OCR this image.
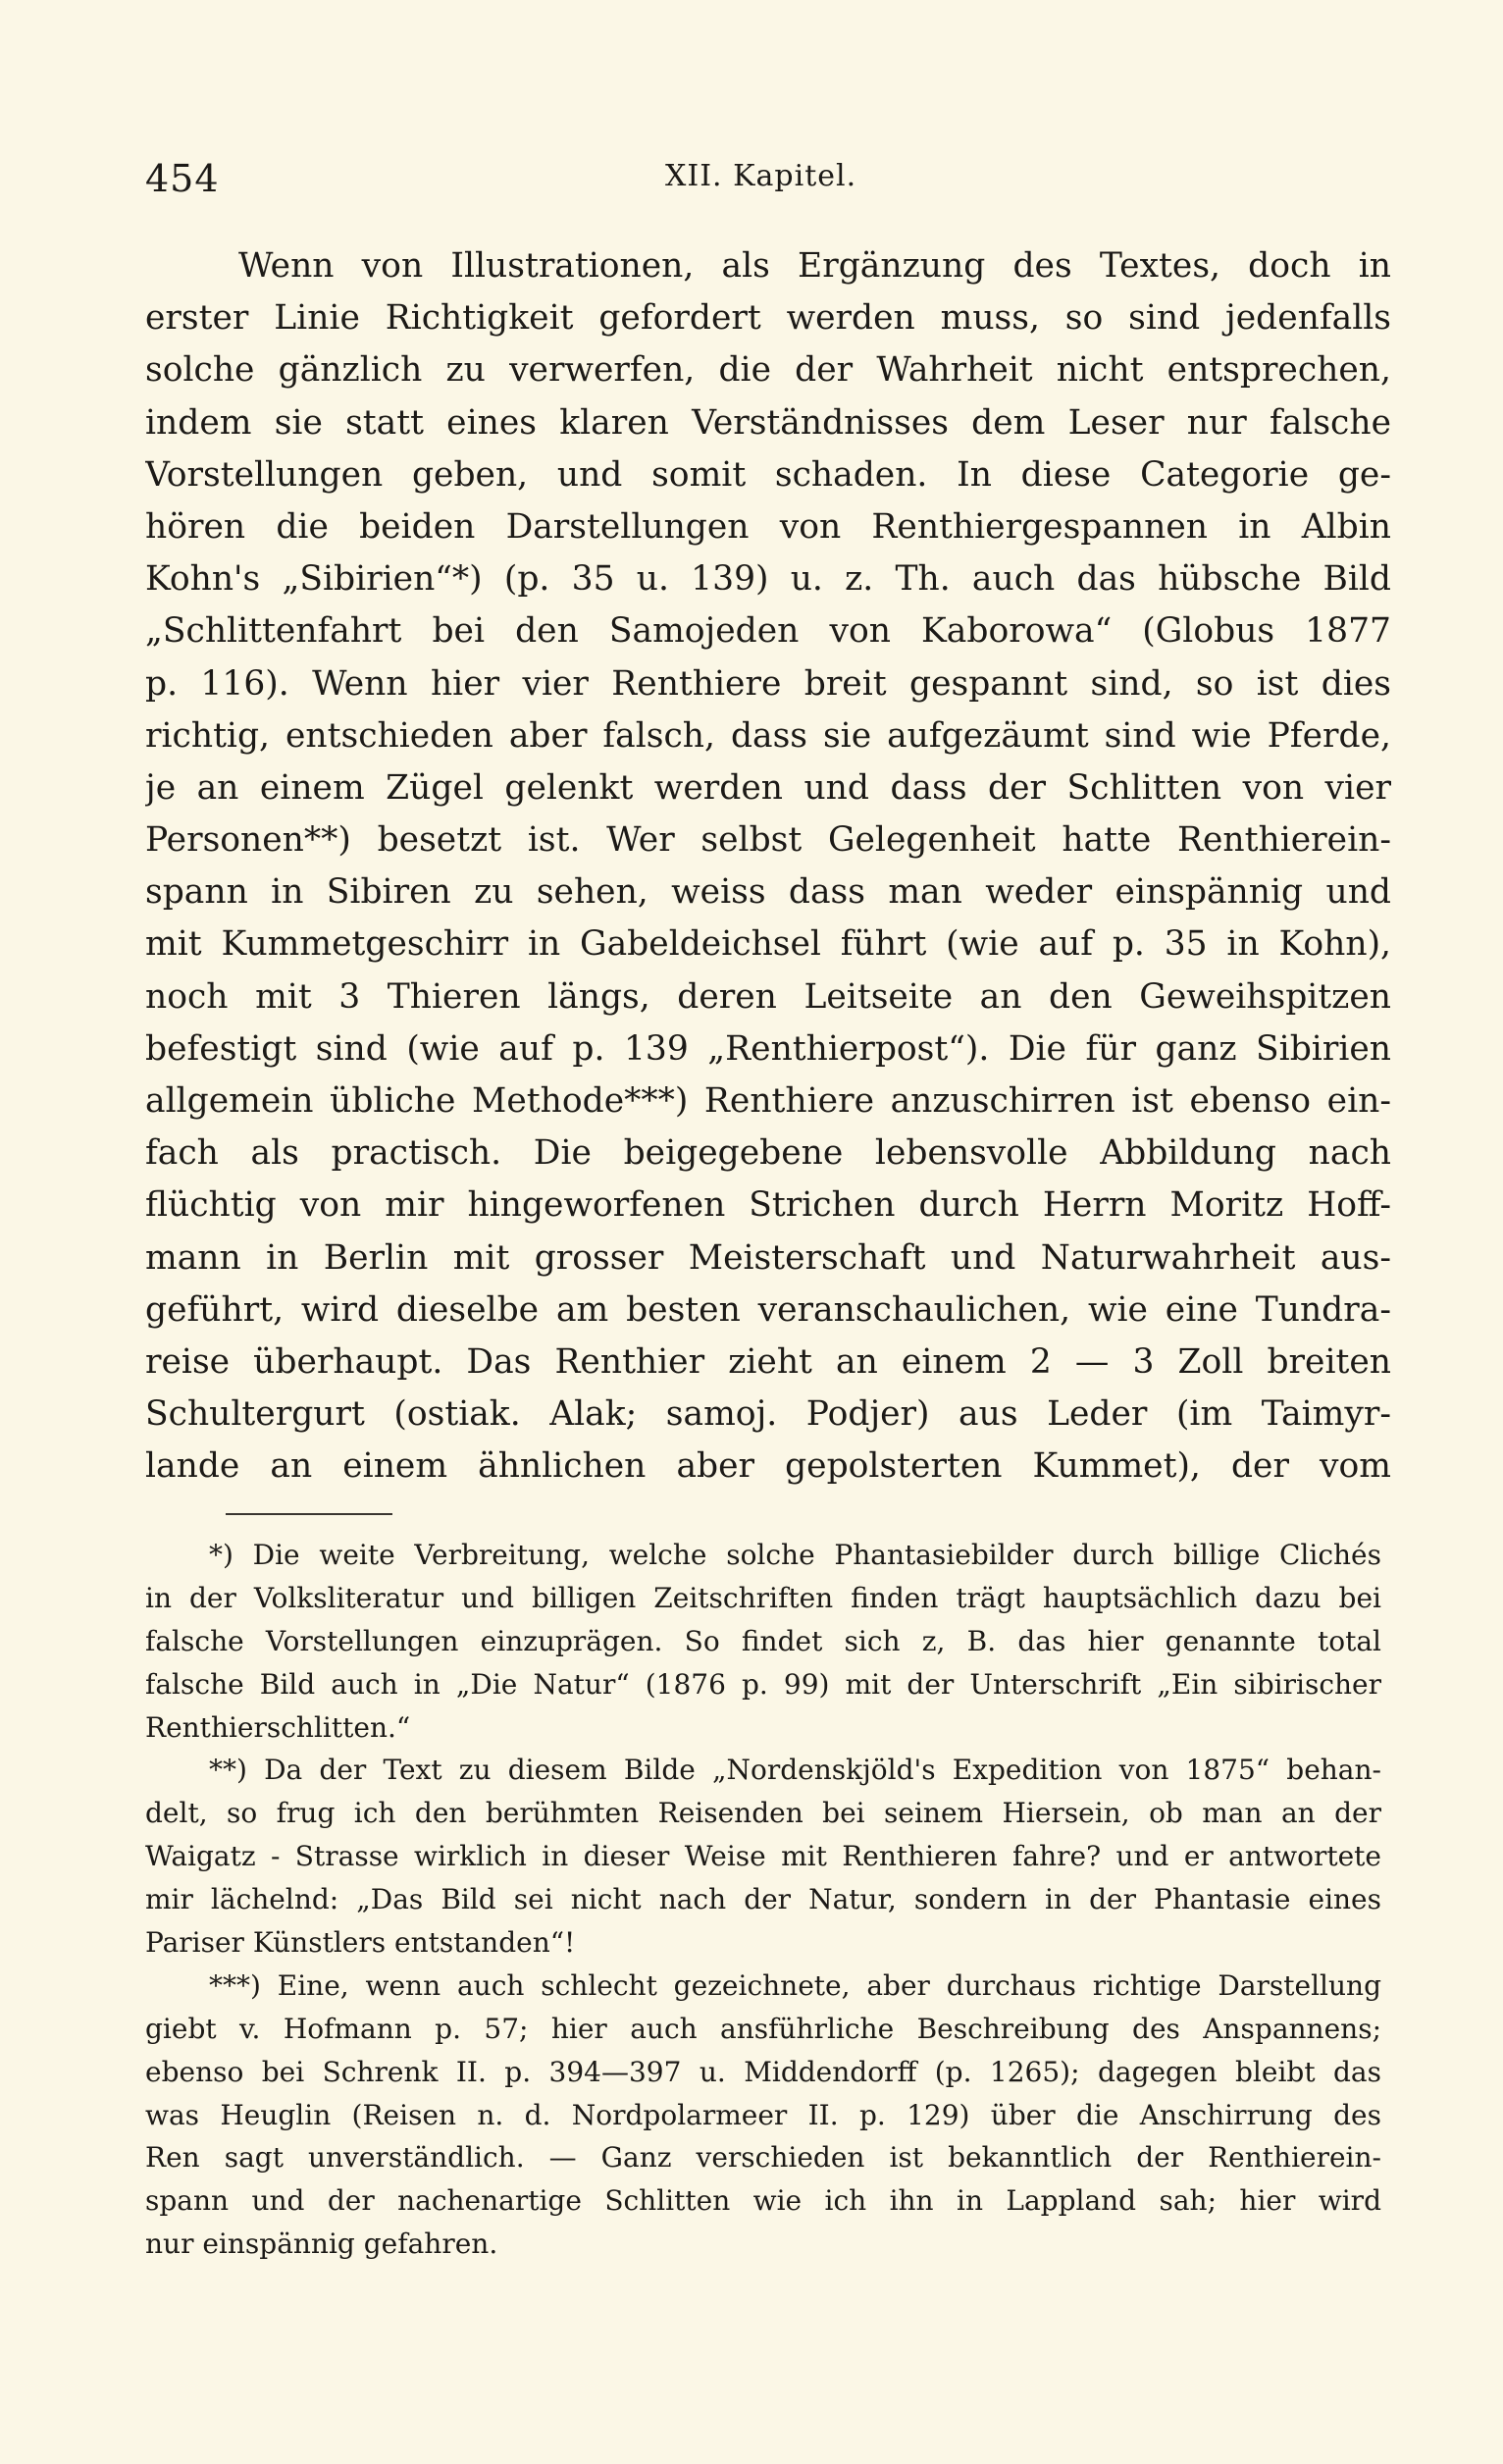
454	XII. Kapitel.
Wenn von Illustrationen, als Ergänzung des Textes, doch in
erster Linie Richtigkeit gefordert werden muss, so sind jedenfalls
solche gänzlich zu verwerfen, die der Wahrheit nicht entsprechen,
indem sie statt eines klaren Verständnisses dem Leser nur falsche
Vorstellungen geben, und somit schaden. In diese Categorie ge-
hören die beiden Darstellungen von Renthiergespannen in Albin
Kohn's „Sibirien“*) (p. 35 u. 139) u. z. Th. auch das hübsche Bild
„Schlittenfahrt bei den Samojeden von Kaborowa“ (Globus 1877
p. 116). Wenn hier vier Renthiere breit gespannt sind, so ist dies
richtig, entschieden aber falsch, dass sie aufgezäumt sind wie Pferde,
je an einem Zügel gelenkt werden und dass der Schlitten von vier
Personen**) besetzt ist. Wer selbst Gelegenheit hatte Renthierein-
spann in Sibiren zu sehen, weiss dass man weder einspännig und
mit Kummetgeschirr in Gabeldeichsel führt (wie auf p. 35 in Kohn),
noch mit 3 Thieren längs, deren Leitseite an den Geweihspitzen
befestigt sind (wie auf p. 139 „Renthierpost“). Die für ganz Sibirien
allgemein übliche Methode***) Renthiere anzuschirren ist ebenso ein-
fach als practisch. Die beigegebene lebensvolle Abbildung nach
flüchtig von mir hingeworfenen Strichen durch Herrn Moritz Hoff-
mann in Berlin mit grosser Meisterschaft und Naturwahrheit aus-
geführt, wird dieselbe am besten veranschaulichen, wie eine Tundra-
reise überhaupt. Das Renthier zieht an einem 2 — 3 Zoll breiten
Schultergurt (ostiak. Alak; samoj. Podjer) aus Leder (im Taimyr-
lande an einem ähnlichen aber gepolsterten Kummet), der vom
*) Die weite Verbreitung, welche solche Phantasiebilder durch billige Clichés
in der Volksliteratur und billigen Zeitschriften finden trägt hauptsächlich dazu bei
falsche Vorstellungen einzuprägen. So findet sich z, B. das hier genannte total
falsche Bild auch in „Die Natur“ (1876 p. 99) mit der Unterschrift „Ein sibirischer
Renthierschlitten.“
**) Da der Text zu diesem Bilde „Nordenskjöld's Expedition von 1875“ behan-
delt, so frug ich den berühmten Reisenden bei seinem Hiersein, ob man an der
Waigatz - Strasse wirklich in dieser Weise mit Renthieren fahre? und er antwortete
mir lächelnd: „Das Bild sei nicht nach der Natur, sondern in der Phantasie eines
Pariser Künstlers entstanden“!
***) Eine, wenn auch schlecht gezeichnete, aber durchaus richtige Darstellung
giebt v. Hofmann p. 57; hier auch ansführliche Beschreibung des Anspannens;
ebenso bei Schrenk II. p. 394—397 u. Middendorff (p. 1265); dagegen bleibt das
was Heuglin (Reisen n. d. Nordpolarmeer II. p. 129) über die Anschirrung des
Ren sagt unverständlich. — Ganz verschieden ist bekanntlich der Renthierein-
spann und der nachenartige Schlitten wie ich ihn in Lappland sah; hier wird
nur einspännig gefahren.
